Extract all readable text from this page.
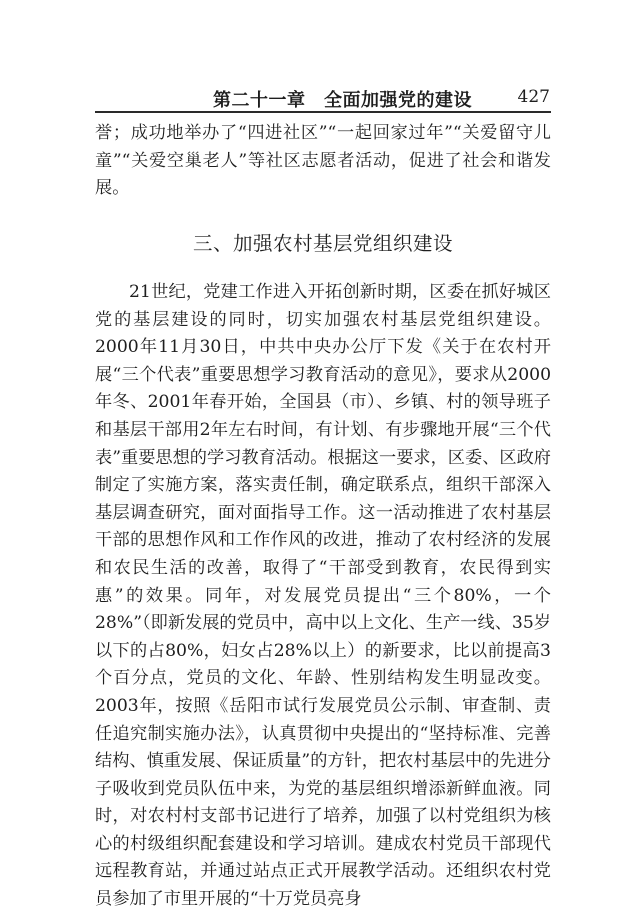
第二十一章　全面加强党的建设	427

誉；成功地举办了“四进社区”“一起回家过年”“关爱留守儿童”“关爱空巢老人”等社区志愿者活动，促进了社会和谐发展。

三、加强农村基层党组织建设

21世纪，党建工作进入开拓创新时期，区委在抓好城区党的基层建设的同时，切实加强农村基层党组织建设。2000年11月30日，中共中央办公厅下发《关于在农村开展“三个代表”重要思想学习教育活动的意见》，要求从2000年冬、2001年春开始，全国县（市）、乡镇、村的领导班子和基层干部用2年左右时间，有计划、有步骤地开展“三个代表”重要思想的学习教育活动。根据这一要求，区委、区政府制定了实施方案，落实责任制，确定联系点，组织干部深入基层调查研究，面对面指导工作。这一活动推进了农村基层干部的思想作风和工作作风的改进，推动了农村经济的发展和农民生活的改善，取得了“干部受到教育，农民得到实惠”的效果。同年，对发展党员提出“三个80%，一个28%”（即新发展的党员中，高中以上文化、生产一线、35岁以下的占80%，妇女占28%以上）的新要求，比以前提高3个百分点，党员的文化、年龄、性别结构发生明显改变。2003年，按照《岳阳市试行发展党员公示制、审查制、责任追究制实施办法》，认真贯彻中央提出的“坚持标准、完善结构、慎重发展、保证质量”的方针，把农村基层中的先进分子吸收到党员队伍中来，为党的基层组织增添新鲜血液。同时，对农村村支部书记进行了培养，加强了以村党组织为核心的村级组织配套建设和学习培训。建成农村党员干部现代远程教育站，并通过站点正式开展教学活动。还组织农村党员参加了市里开展的“十万党员亮身
